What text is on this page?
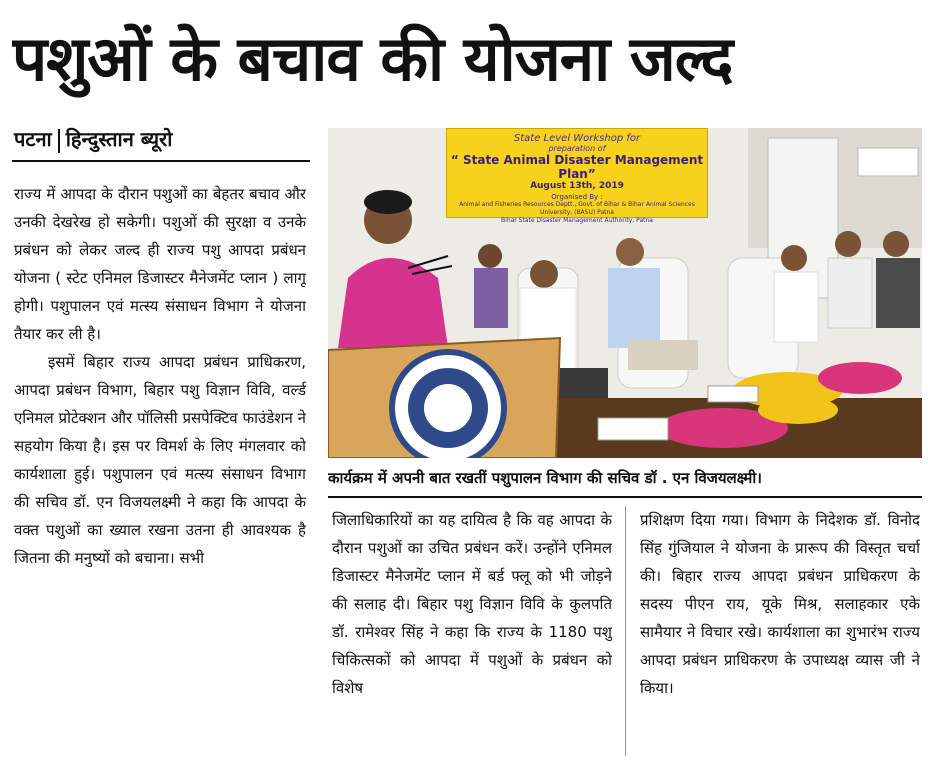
पशुओं के बचाव की योजना जल्द
पटना हिन्दुस्तान ब्यूरो

राज्य में आपदा के दौरान पशुओं का बेहतर बचाव और उनकी देखरेख हो सकेगी। पशुओं की सुरक्षा व उनके प्रबंधन को लेकर जल्द ही राज्य पशु आपदा प्रबंधन योजना ( स्टेट एनिमल डिजास्टर मैनेजमेंट प्लान ) लागू होगी। पशुपालन एवं मत्स्य संसाधन विभाग ने योजना तैयार कर ली है।

इसमें बिहार राज्य आपदा प्रबंधन प्राधिकरण, आपदा प्रबंधन विभाग, बिहार पशु विज्ञान विवि, वर्ल्ड एनिमल प्रोटेक्शन और पॉलिसी प्रसपेक्टिव फाउंडेशन ने सहयोग किया है। इस पर विमर्श के लिए मंगलवार को कार्यशाला हुई। पशुपालन एवं मत्स्य संसाधन विभाग की सचिव डॉ. एन विजयलक्ष्मी ने कहा कि आपदा के वक्त पशुओं का ख्याल रखना उतना ही आवश्यक है जितना की मनुष्यों को बचाना। सभी

State Level Workshop for
preparation of
“ State Animal Disaster Management Plan”
August 13th, 2019
Organised By :
Animal and Fisheries Resources Deptt., Govt. of Bihar & Bihar Animal Sciences University, (BASU) Patna
Bihar State Disaster Management Authority, Patna
कार्यक्रम में अपनी बात रखतीं पशुपालन विभाग की सचिव डॉ . एन विजयलक्ष्मी।

जिलाधिकारियों का यह दायित्व है कि वह आपदा के दौरान पशुओं का उचित प्रबंधन करें। उन्होंने एनिमल डिजास्टर मैनेजमेंट प्लान में बर्ड फ्लू को भी जोड़ने की सलाह दी। बिहार पशु विज्ञान विवि के कुलपति डॉ. रामेश्वर सिंह ने कहा कि राज्य के 1180 पशु चिकित्सकों को आपदा में पशुओं के प्रबंधन को विशेष

प्रशिक्षण दिया गया। विभाग के निदेशक डॉ. विनोद सिंह गुंजियाल ने योजना के प्रारूप की विस्तृत चर्चा की। बिहार राज्य आपदा प्रबंधन प्राधिकरण के सदस्य पीएन राय, यूके मिश्र, सलाहकार एके सामैयार ने विचार रखे। कार्यशाला का शुभारंभ राज्य आपदा प्रबंधन प्राधिकरण के उपाध्यक्ष व्यास जी ने किया।
